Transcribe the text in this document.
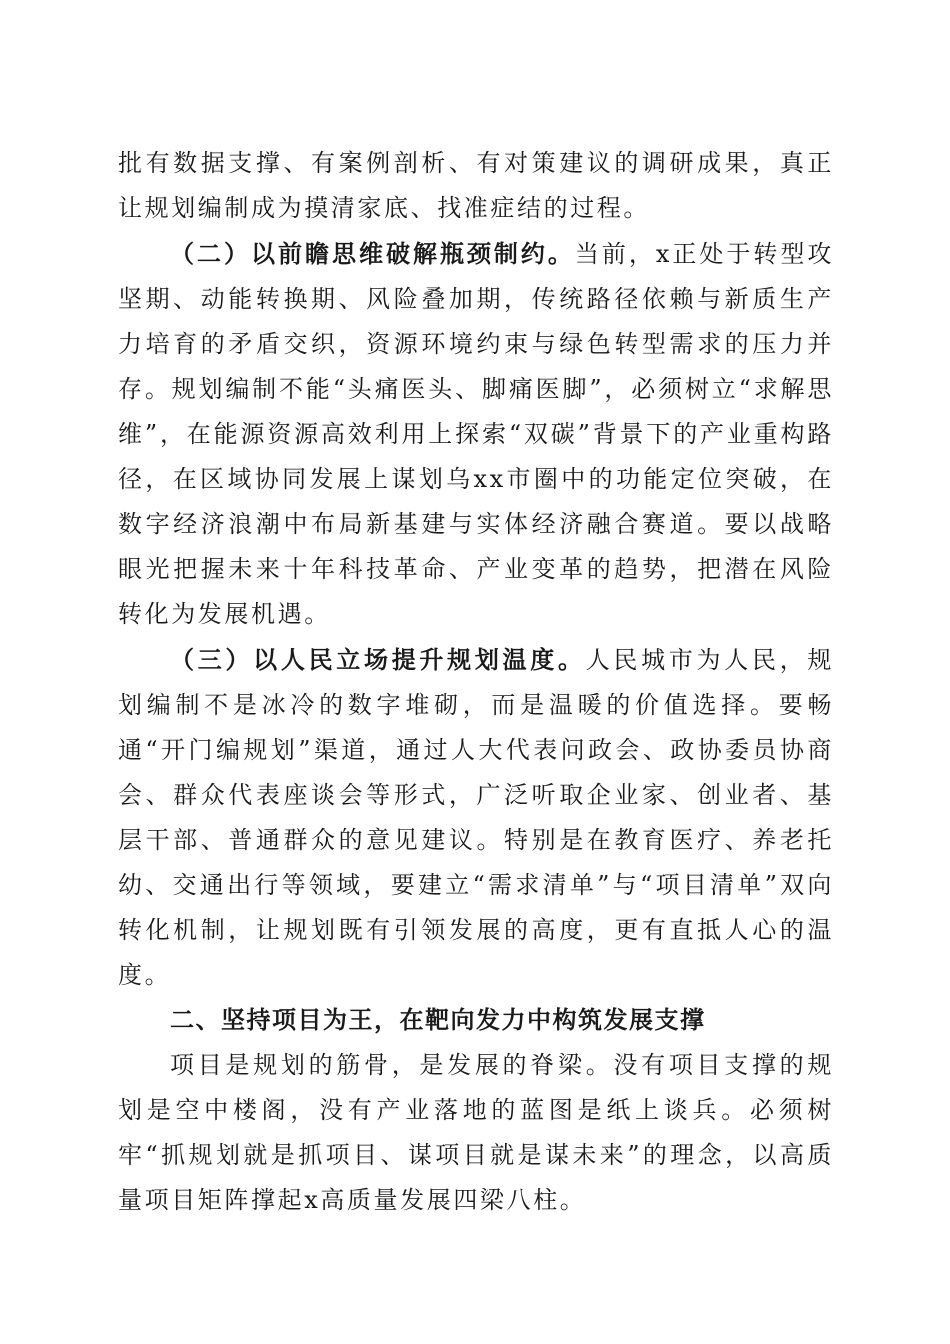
批有数据支撑、有案例剖析、有对策建议的调研成果，真正让规划编制成为摸清家底、找准症结的过程。

（二）以前瞻思维破解瓶颈制约。当前，x正处于转型攻坚期、动能转换期、风险叠加期，传统路径依赖与新质生产力培育的矛盾交织，资源环境约束与绿色转型需求的压力并存。规划编制不能“头痛医头、脚痛医脚”，必须树立“求解思维”，在能源资源高效利用上探索“双碳”背景下的产业重构路径，在区域协同发展上谋划乌xx市圈中的功能定位突破，在数字经济浪潮中布局新基建与实体经济融合赛道。要以战略眼光把握未来十年科技革命、产业变革的趋势，把潜在风险转化为发展机遇。

（三）以人民立场提升规划温度。人民城市为人民，规划编制不是冰冷的数字堆砌，而是温暖的价值选择。要畅通“开门编规划”渠道，通过人大代表问政会、政协委员协商会、群众代表座谈会等形式，广泛听取企业家、创业者、基层干部、普通群众的意见建议。特别是在教育医疗、养老托幼、交通出行等领域，要建立“需求清单”与“项目清单”双向转化机制，让规划既有引领发展的高度，更有直抵人心的温度。

二、坚持项目为王，在靶向发力中构筑发展支撑

项目是规划的筋骨，是发展的脊梁。没有项目支撑的规划是空中楼阁，没有产业落地的蓝图是纸上谈兵。必须树牢“抓规划就是抓项目、谋项目就是谋未来”的理念，以高质量项目矩阵撑起x高质量发展四梁八柱。
